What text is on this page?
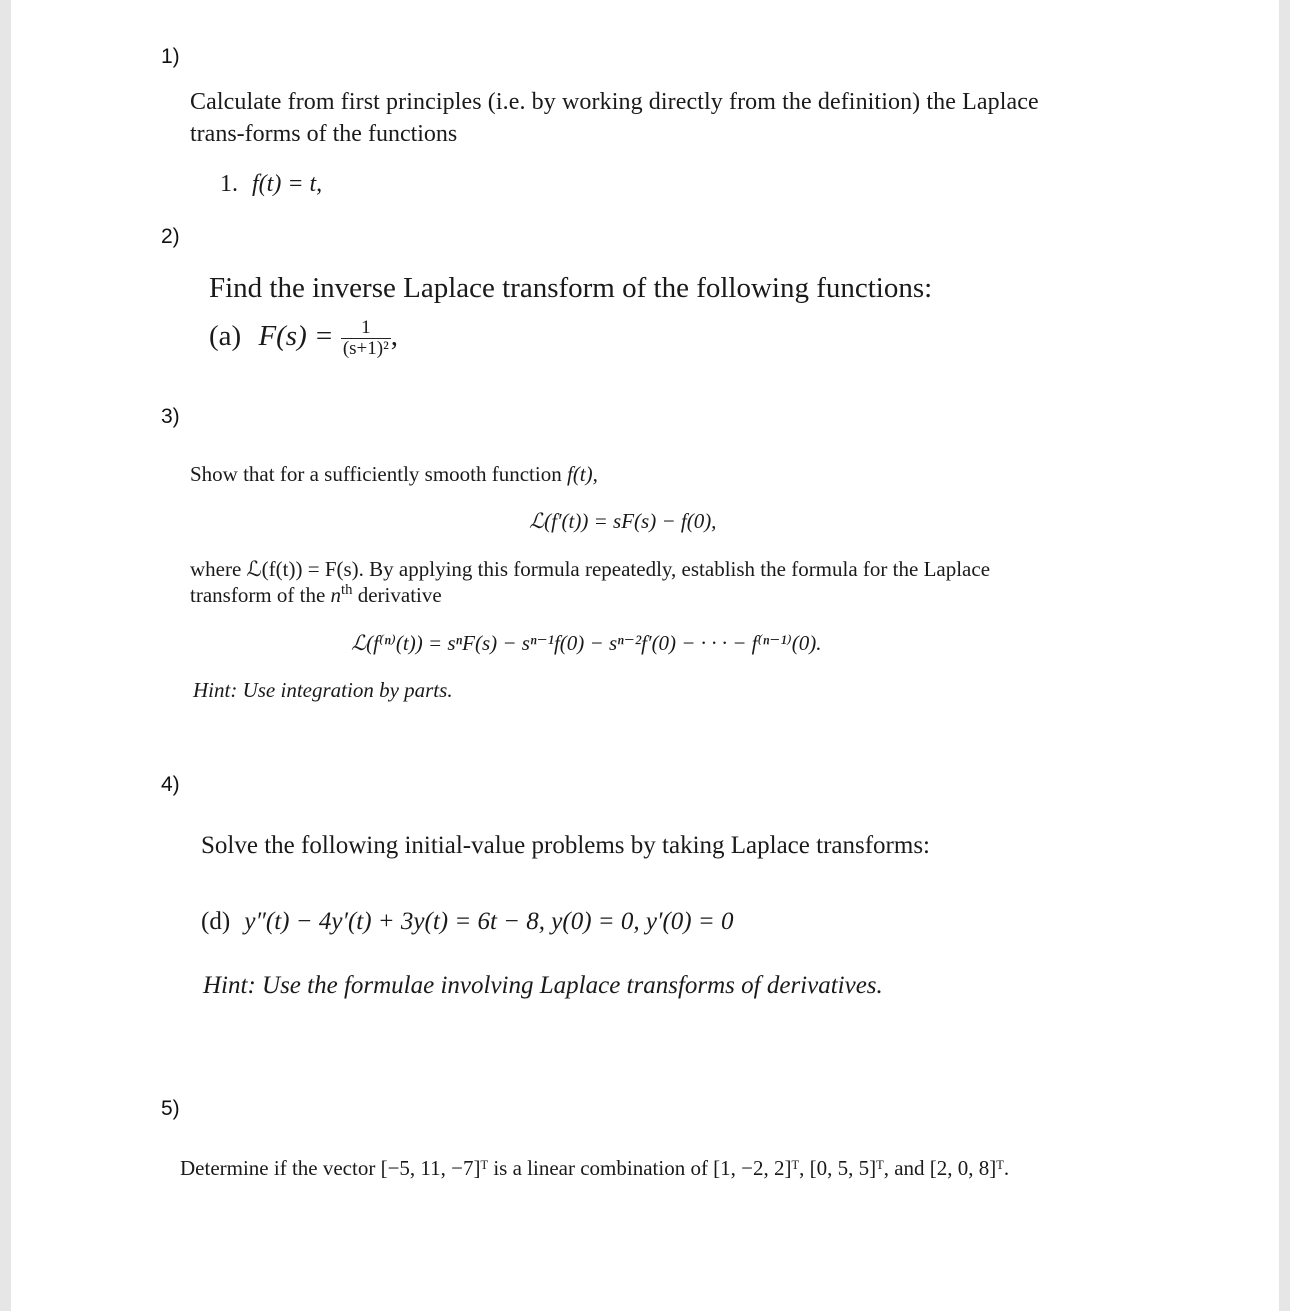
1)
Calculate from first principles (i.e. by working directly from the definition) the Laplace
trans-forms of the functions
1. f(t) = t,
2)
Find the inverse Laplace transform of the following functions:
(a) $F(s) = \frac{1}{\text{(s+1)²}}$ ,
3)
Show that for a sufficiently smooth function f(t),
ℒ(f′(t)) = sF(s) − f(0),
where ℒ(f(t)) = F(s). By applying this formula repeatedly, establish the formula for the Laplace
transform of the $n^{th}$ derivative
ℒ(f⁽ⁿ⁾(t)) = sⁿF(s) − sⁿ⁻¹f(0) − sⁿ⁻²f′(0) − · · · − f⁽ⁿ⁻¹⁾(0).
Hint: Use integration by parts.
4)
Solve the following initial-value problems by taking Laplace transforms:
(d) y″(t) − 4y′(t) + 3y(t) = 6t − 8, y(0) = 0, y′(0) = 0
Hint: Use the formulae involving Laplace transforms of derivatives.
5)
Determine if the vector [−5, 11, −7]ᵀ is a linear combination of [1, −2, 2]ᵀ, [0, 5, 5]ᵀ, and [2, 0, 8]ᵀ.
